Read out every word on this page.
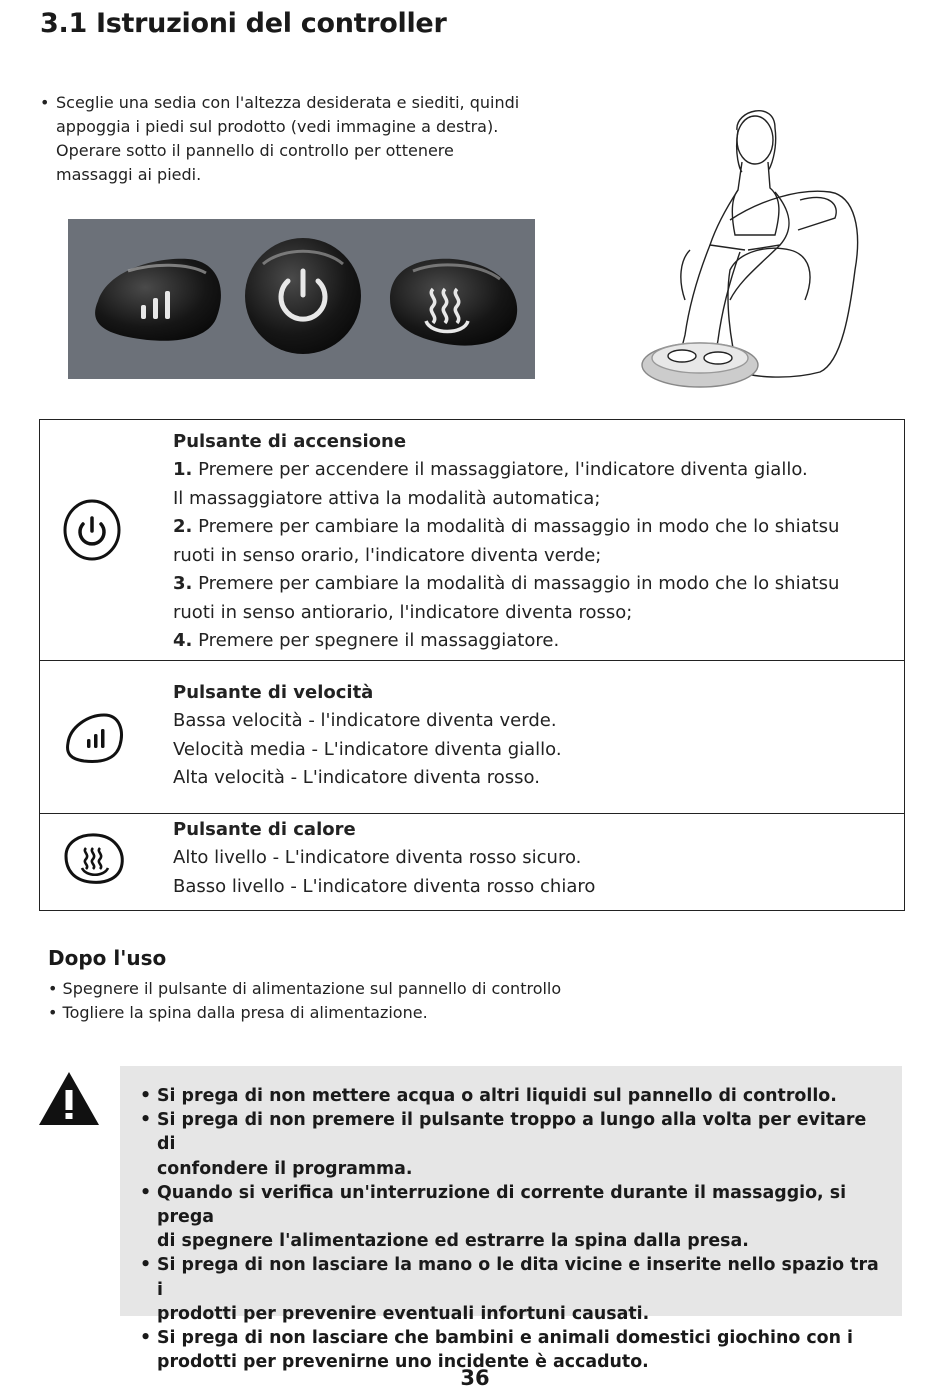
3.1 Istruzioni del controller
• Sceglie una sedia con l'altezza desiderata e siediti, quindi
appoggia i piedi sul prodotto (vedi immagine a destra).
Operare sotto il pannello di controllo per ottenere
massaggi ai piedi.
Pulsante di accensione
1. Premere per accendere il massaggiatore, l'indicatore diventa giallo.
Il massaggiatore attiva la modalità automatica;
2. Premere per cambiare la modalità di massaggio in modo che lo shiatsu
ruoti in senso orario, l'indicatore diventa verde;
3. Premere per cambiare la modalità di massaggio in modo che lo shiatsu
ruoti in senso antiorario, l'indicatore diventa rosso;
4. Premere per spegnere il massaggiatore.
Pulsante di velocità
Bassa velocità - l'indicatore diventa verde.
Velocità media - L'indicatore diventa giallo.
Alta velocità - L'indicatore diventa rosso.
Pulsante di calore
Alto livello - L'indicatore diventa rosso sicuro.
Basso livello - L'indicatore diventa rosso chiaro
Dopo l'uso
• Spegnere il pulsante di alimentazione sul pannello di controllo
• Togliere la spina dalla presa di alimentazione.
• Si prega di non mettere acqua o altri liquidi sul pannello di controllo.
• Si prega di non premere il pulsante troppo a lungo alla volta per evitare di
confondere il programma.
• Quando si verifica un'interruzione di corrente durante il massaggio, si prega
di spegnere l'alimentazione ed estrarre la spina dalla presa.
• Si prega di non lasciare la mano o le dita vicine e inserite nello spazio tra i
prodotti per prevenire eventuali infortuni causati.
• Si prega di non lasciare che bambini e animali domestici giochino con i
prodotti per prevenirne uno incidente è accaduto.
36
